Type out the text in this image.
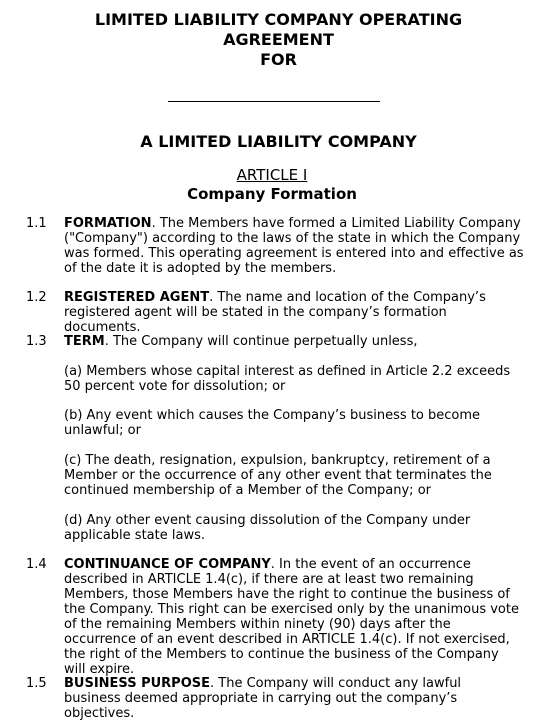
LIMITED LIABILITY COMPANY OPERATING
AGREEMENT
FOR
A LIMITED LIABILITY COMPANY
ARTICLE I
Company Formation
1.1	FORMATION. The Members have formed a Limited Liability Company ("Company") according to the laws of the state in which the Company was formed. This operating agreement is entered into and effective as of the date it is adopted by the members.
1.2	REGISTERED AGENT. The name and location of the Company’s registered agent will be stated in the company’s formation documents.
1.3	TERM. The Company will continue perpetually unless,
(a) Members whose capital interest as defined in Article 2.2 exceeds 50 percent vote for dissolution; or
(b) Any event which causes the Company’s business to become unlawful; or
(c) The death, resignation, expulsion, bankruptcy, retirement of a Member or the occurrence of any other event that terminates the continued membership of a Member of the Company; or
(d) Any other event causing dissolution of the Company under applicable state laws.
1.4	CONTINUANCE OF COMPANY. In the event of an occurrence described in ARTICLE 1.4(c), if there are at least two remaining Members, those Members have the right to continue the business of the Company. This right can be exercised only by the unanimous vote of the remaining Members within ninety (90) days after the occurrence of an event described in ARTICLE 1.4(c). If not exercised, the right of the Members to continue the business of the Company will expire.
1.5	BUSINESS PURPOSE. The Company will conduct any lawful business deemed appropriate in carrying out the company’s objectives.
